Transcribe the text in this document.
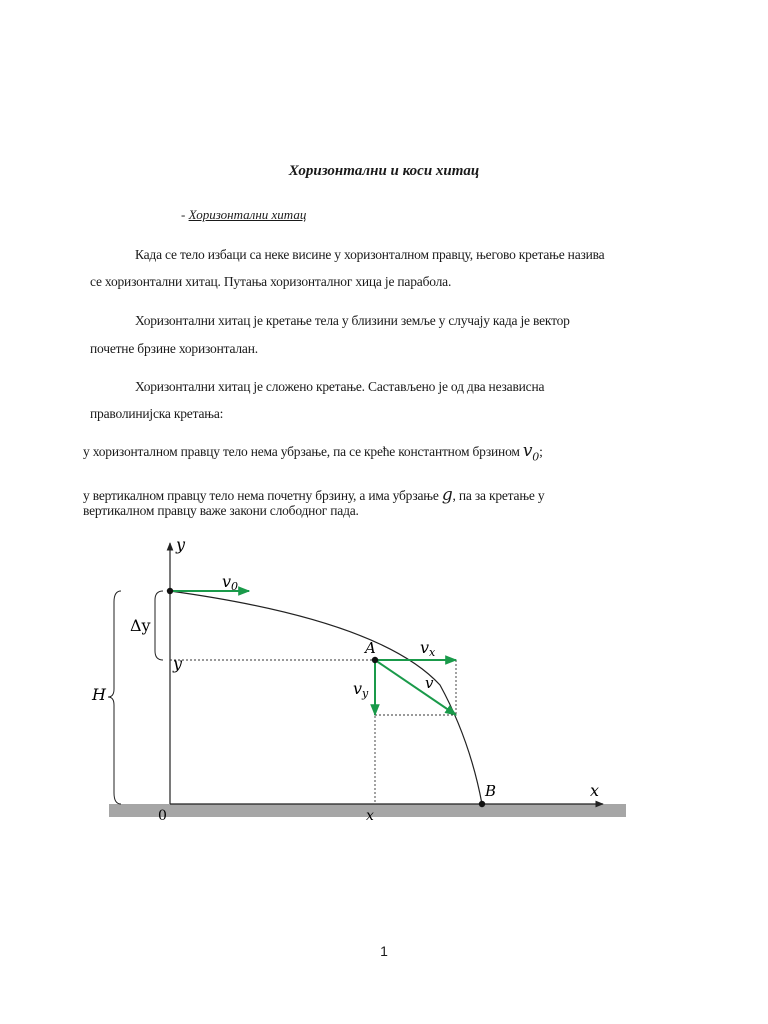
Хоризонтални и коси хитац
- Хоризонтални хитац
Када се тело избаци са неке висине у хоризонталном правцу, његово кретање назива
се хоризонтални хитац. Путања хоризонталног хица је парабола.
Хоризонтални хитац је кретање тела у близини земље у случају када је вектор
почетне брзине хоризонталан.
Хоризонтални хитац је сложено кретање. Састављено је од два независна
праволинијска кретања:
у хоризонталном правцу тело нема убрзање, па се креће константном брзином $v_0$;
у вертикалном правцу тело нема почетну брзину, а има убрзање g, па за кретање у
вертикалном правцу важе закони слободног пада.
y
x
0
v0
Δy
y
A	vx
v
vy
H
B
x
1
